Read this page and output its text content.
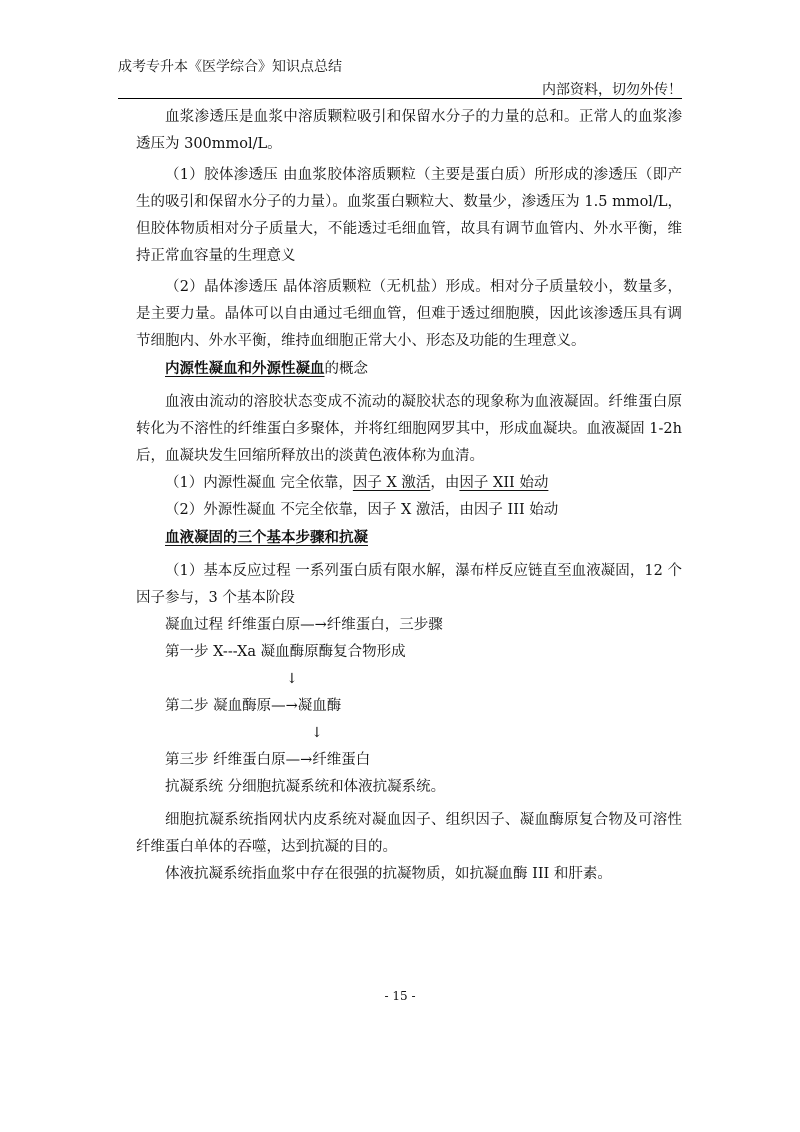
成考专升本《医学综合》知识点总结
内部资料，切勿外传！

血浆渗透压是血浆中溶质颗粒吸引和保留水分子的力量的总和。正常人的血浆渗透压为 300mmol/L。

（1）胶体渗透压 由血浆胶体溶质颗粒（主要是蛋白质）所形成的渗透压（即产生的吸引和保留水分子的力量）。血浆蛋白颗粒大、数量少，渗透压为 1.5 mmol/L，但胶体物质相对分子质量大，不能透过毛细血管，故具有调节血管内、外水平衡，维持正常血容量的生理意义

（2）晶体渗透压 晶体溶质颗粒（无机盐）形成。相对分子质量较小，数量多，是主要力量。晶体可以自由通过毛细血管，但难于透过细胞膜，因此该渗透压具有调节细胞内、外水平衡，维持血细胞正常大小、形态及功能的生理意义。

内源性凝血和外源性凝血的概念

血液由流动的溶胶状态变成不流动的凝胶状态的现象称为血液凝固。纤维蛋白原转化为不溶性的纤维蛋白多聚体，并将红细胞网罗其中，形成血凝块。血液凝固 1-2h 后，血凝块发生回缩所释放出的淡黄色液体称为血清。

（1）内源性凝血 完全依靠，因子 X 激活，由因子 XII 始动

（2）外源性凝血 不完全依靠，因子 X 激活，由因子 III 始动

血液凝固的三个基本步骤和抗凝

（1）基本反应过程 一系列蛋白质有限水解，瀑布样反应链直至血液凝固，12 个因子参与，3 个基本阶段

凝血过程 纤维蛋白原—→纤维蛋白，三步骤

第一步 X---Xa 凝血酶原酶复合物形成

↓

第二步 凝血酶原—→凝血酶

↓

第三步 纤维蛋白原—→纤维蛋白

抗凝系统 分细胞抗凝系统和体液抗凝系统。

细胞抗凝系统指网状内皮系统对凝血因子、组织因子、凝血酶原复合物及可溶性纤维蛋白单体的吞噬，达到抗凝的目的。

体液抗凝系统指血浆中存在很强的抗凝物质，如抗凝血酶 III 和肝素。

- 15 -
